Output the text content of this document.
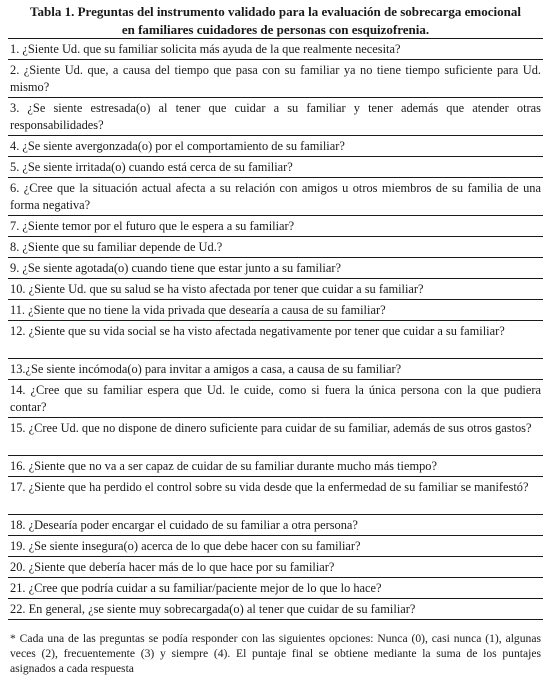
Tabla 1. Preguntas del instrumento validado para la evaluación de sobrecarga emocional
en familiares cuidadores de personas con esquizofrenia.
1. ¿Siente Ud. que su familiar solicita más ayuda de la que realmente necesita?
2. ¿Siente Ud. que, a causa del tiempo que pasa con su familiar ya no tiene tiempo suficiente para Ud. mismo?
3. ¿Se siente estresada(o) al tener que cuidar a su familiar y tener además que atender otras responsabilidades?
4. ¿Se siente avergonzada(o) por el comportamiento de su familiar?
5. ¿Se siente irritada(o) cuando está cerca de su familiar?
6. ¿Cree que la situación actual afecta a su relación con amigos u otros miembros de su familia de una forma negativa?
7. ¿Siente temor por el futuro que le espera a su familiar?
8. ¿Siente que su familiar depende de Ud.?
9. ¿Se siente agotada(o) cuando tiene que estar junto a su familiar?
10. ¿Siente Ud. que su salud se ha visto afectada por tener que cuidar a su familiar?
11. ¿Siente que no tiene la vida privada que desearía a causa de su familiar?
12. ¿Siente que su vida social se ha visto afectada negativamente por tener que cuidar a su familiar?
13.¿Se siente incómoda(o) para invitar a amigos a casa, a causa de su familiar?
14. ¿Cree que su familiar espera que Ud. le cuide, como si fuera la única persona con la que pudiera contar?
15. ¿Cree Ud. que no dispone de dinero suficiente para cuidar de su familiar, además de sus otros gastos?
16. ¿Siente que no va a ser capaz de cuidar de su familiar durante mucho más tiempo?
17. ¿Siente que ha perdido el control sobre su vida desde que la enfermedad de su familiar se manifestó?
18. ¿Desearía poder encargar el cuidado de su familiar a otra persona?
19. ¿Se siente insegura(o) acerca de lo que debe hacer con su familiar?
20. ¿Siente que debería hacer más de lo que hace por su familiar?
21. ¿Cree que podría cuidar a su familiar/paciente mejor de lo que lo hace?
22. En general, ¿se siente muy sobrecargada(o) al tener que cuidar de su familiar?
* Cada una de las preguntas se podía responder con las siguientes opciones: Nunca (0), casi nunca (1), algunas veces (2), frecuentemente (3) y siempre (4). El puntaje final se obtiene mediante la suma de los puntajes asignados a cada respuesta
